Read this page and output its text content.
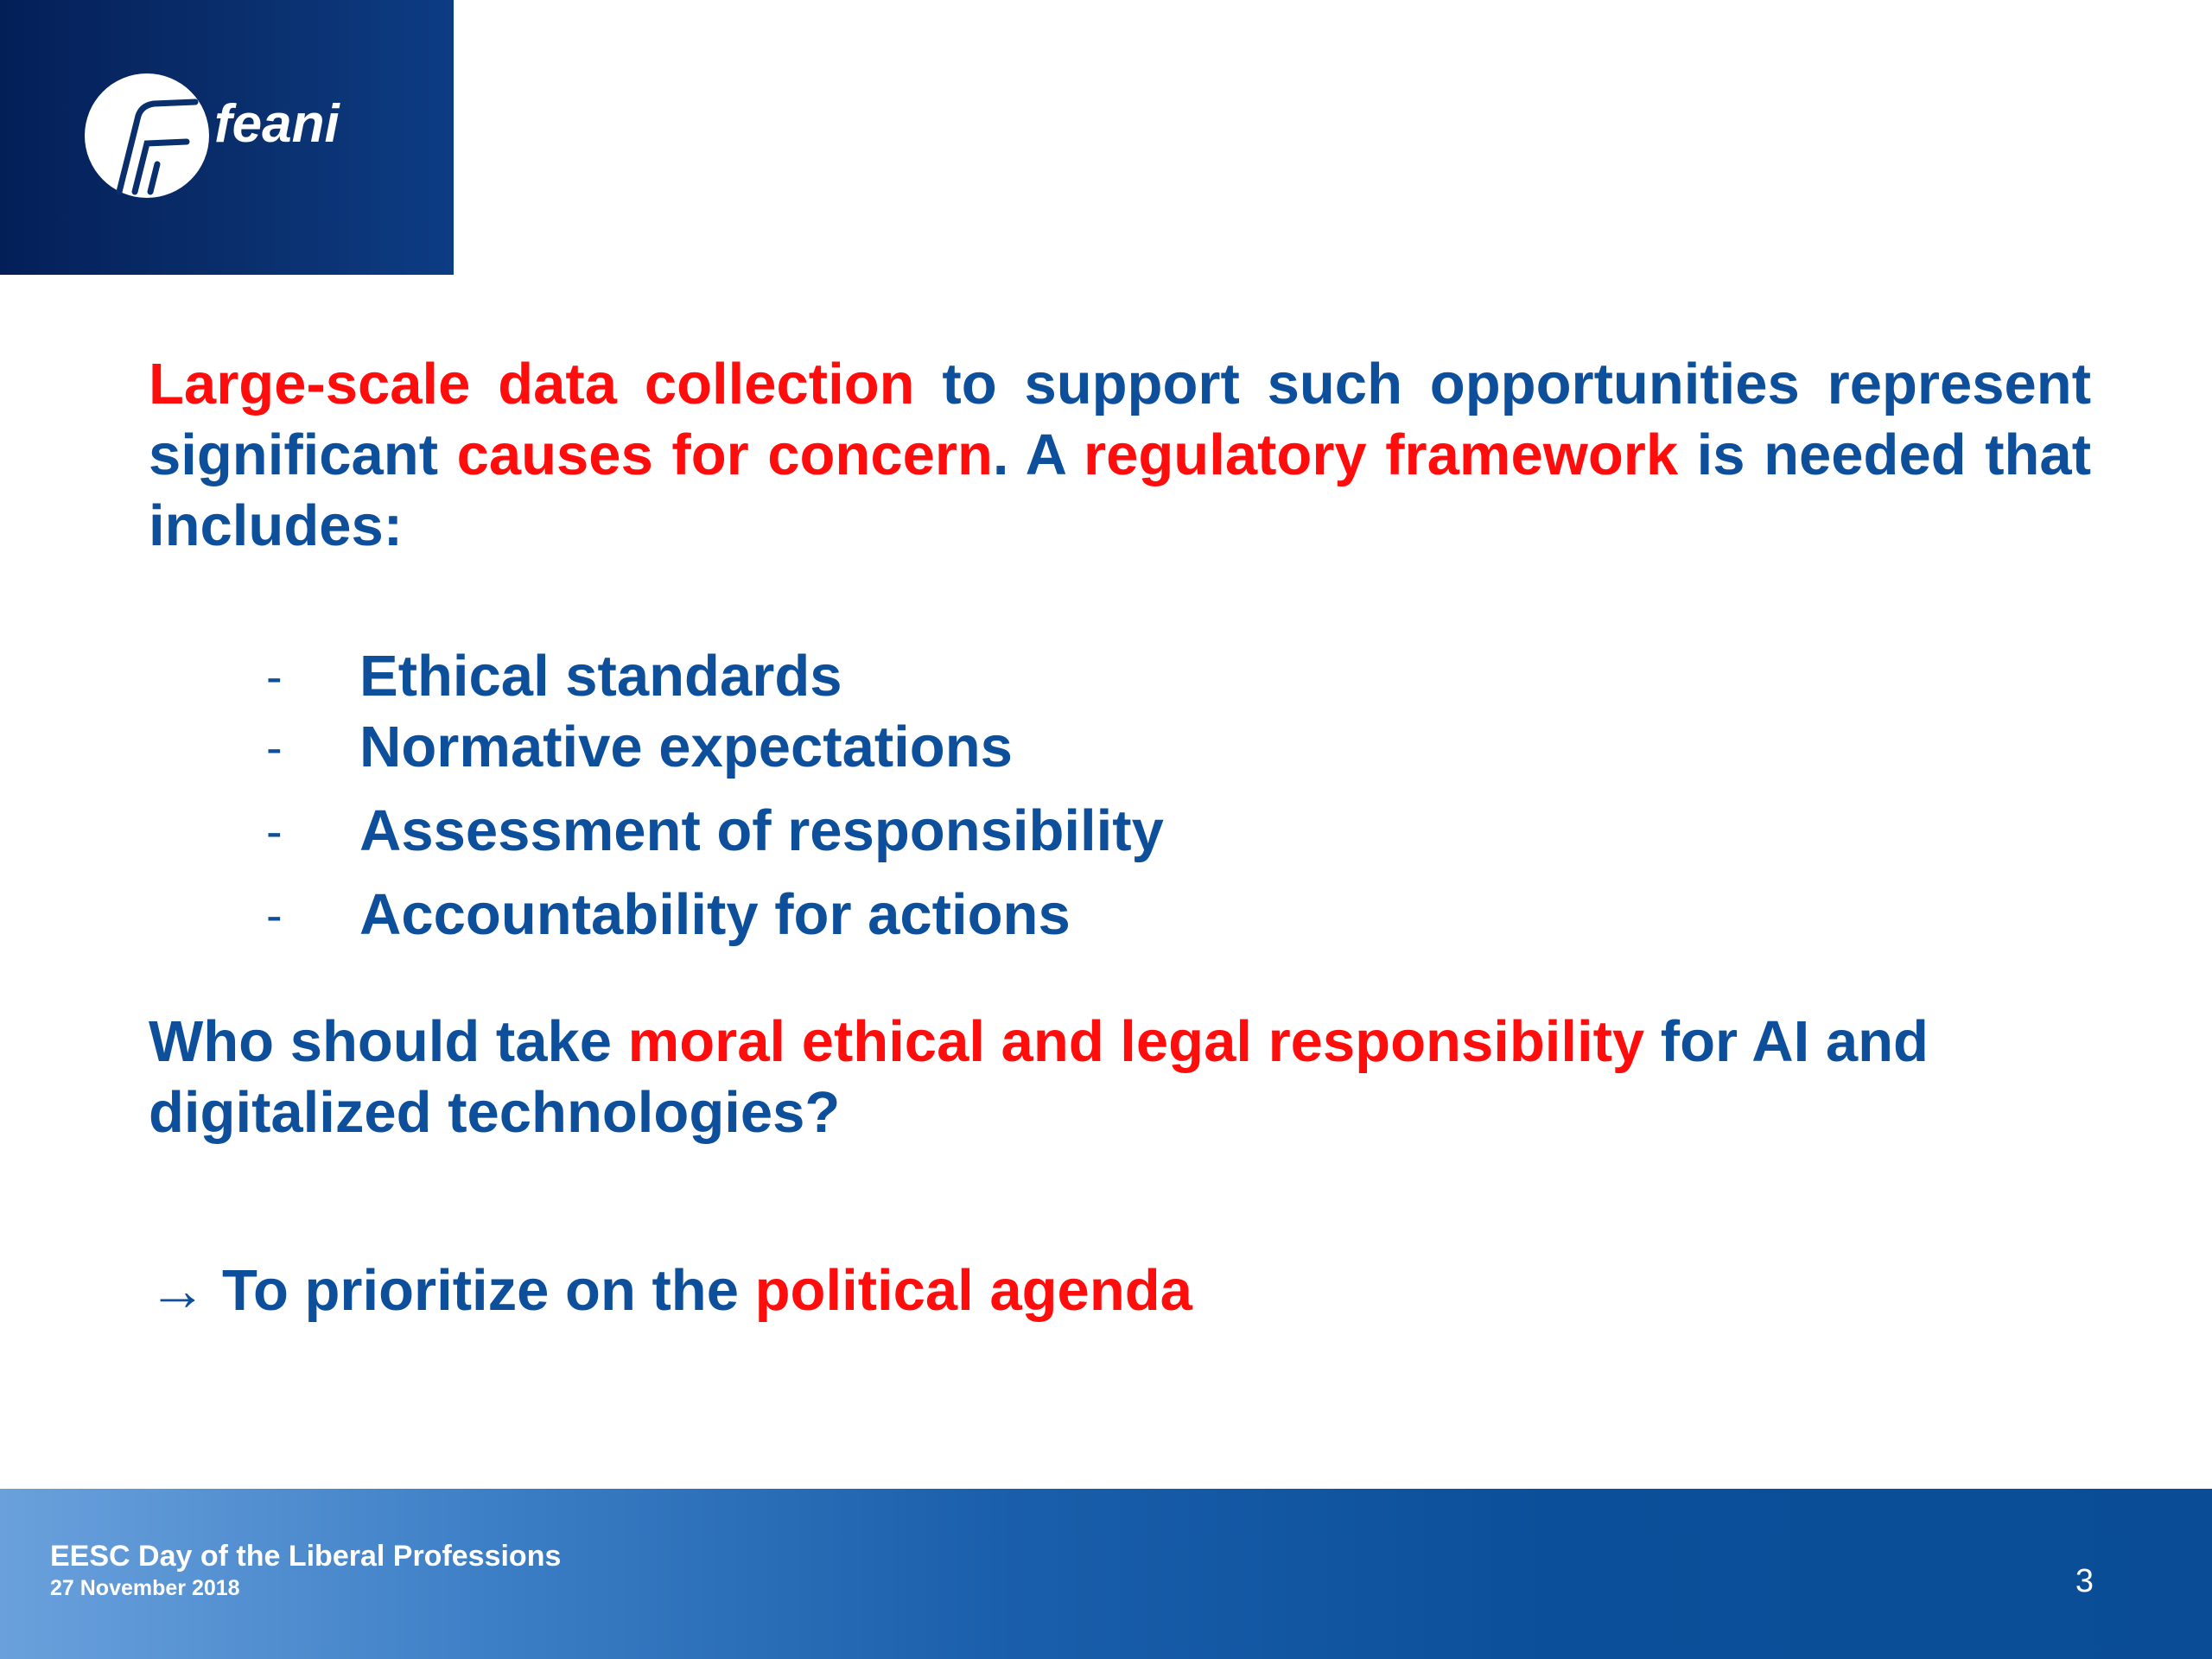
feani
Large-scale data collection to support such opportunities represent significant causes for concern. A regulatory framework is needed that includes:
- Ethical standards
- Normative expectations
- Assessment of responsibility
- Accountability for actions
Who should take moral ethical and legal responsibility for AI and digitalized technologies?
→ To prioritize on the political agenda
EESC Day of the Liberal Professions
27 November 2018	3
